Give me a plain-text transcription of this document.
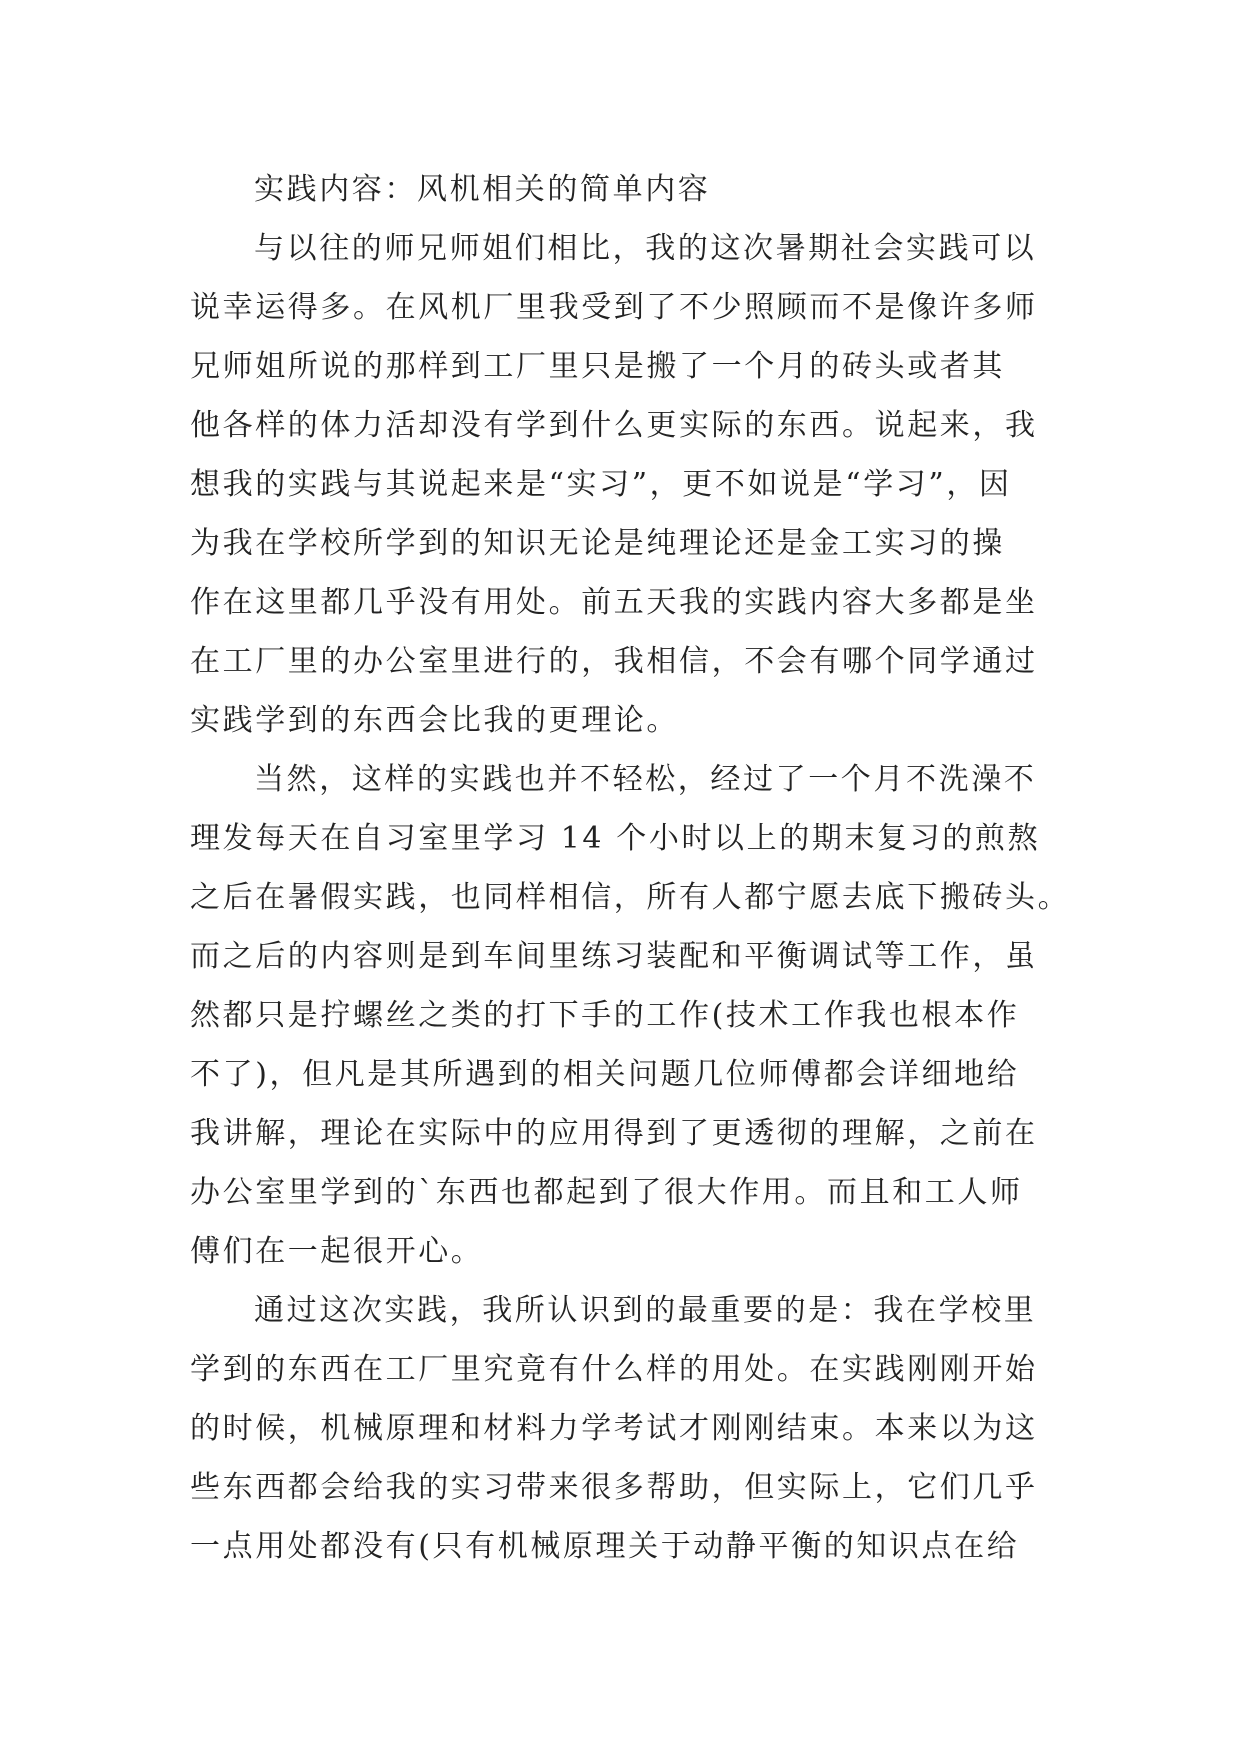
实践内容：风机相关的简单内容
与以往的师兄师姐们相比，我的这次暑期社会实践可以
说幸运得多。在风机厂里我受到了不少照顾而不是像许多师
兄师姐所说的那样到工厂里只是搬了一个月的砖头或者其
他各样的体力活却没有学到什么更实际的东西。说起来，我
想我的实践与其说起来是“实习”，更不如说是“学习”，因
为我在学校所学到的知识无论是纯理论还是金工实习的操
作在这里都几乎没有用处。前五天我的实践内容大多都是坐
在工厂里的办公室里进行的，我相信，不会有哪个同学通过
实践学到的东西会比我的更理论。
当然，这样的实践也并不轻松，经过了一个月不洗澡不
理发每天在自习室里学习 14 个小时以上的期末复习的煎熬
之后在暑假实践，也同样相信，所有人都宁愿去底下搬砖头。
而之后的内容则是到车间里练习装配和平衡调试等工作，虽
然都只是拧螺丝之类的打下手的工作(技术工作我也根本作
不了)，但凡是其所遇到的相关问题几位师傅都会详细地给
我讲解，理论在实际中的应用得到了更透彻的理解，之前在
办公室里学到的`东西也都起到了很大作用。而且和工人师
傅们在一起很开心。
通过这次实践，我所认识到的最重要的是：我在学校里
学到的东西在工厂里究竟有什么样的用处。在实践刚刚开始
的时候，机械原理和材料力学考试才刚刚结束。本来以为这
些东西都会给我的实习带来很多帮助，但实际上，它们几乎
一点用处都没有(只有机械原理关于动静平衡的知识点在给
